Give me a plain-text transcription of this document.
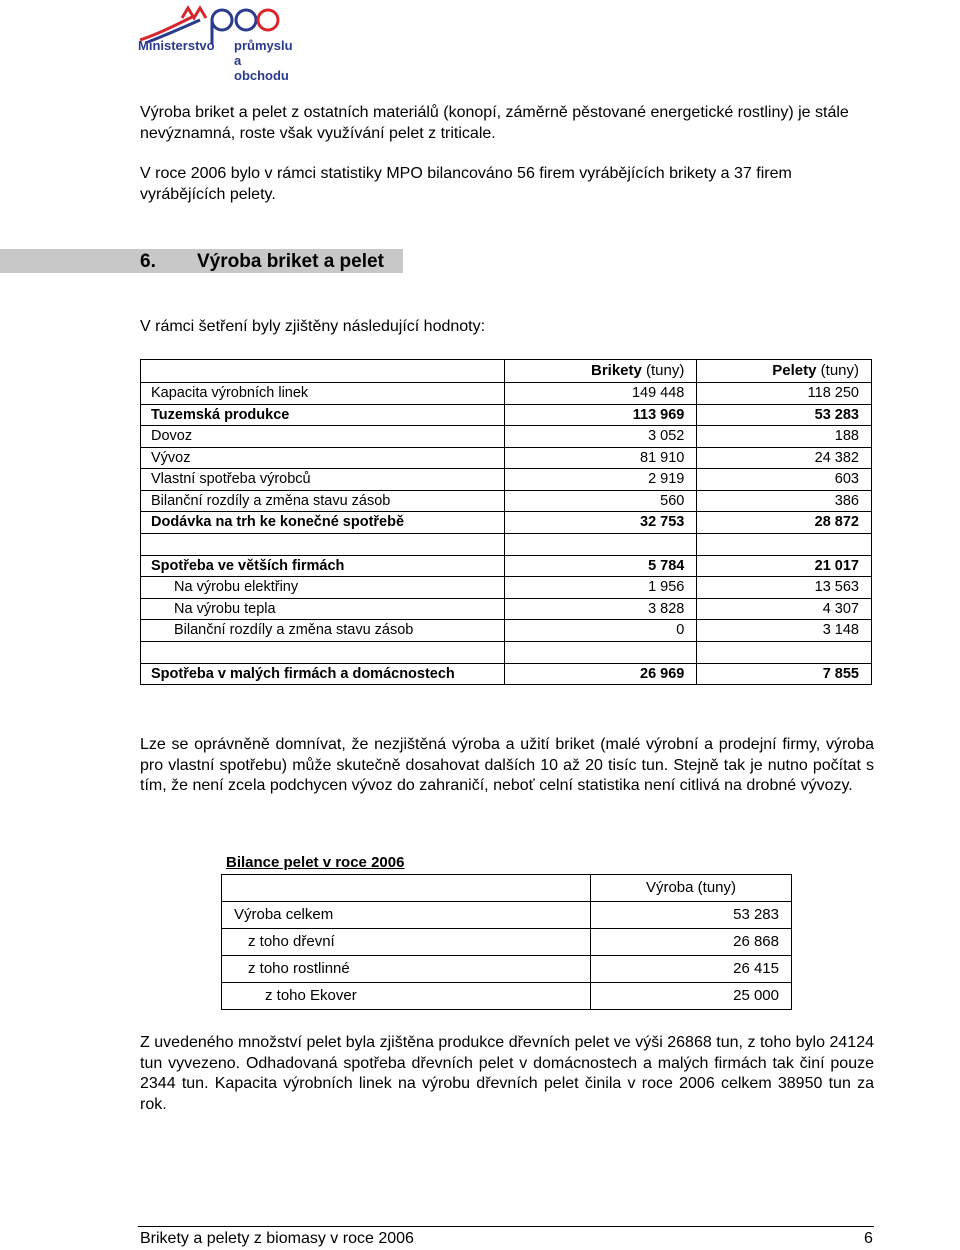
Ministerstvo průmyslu
a obchodu
Výroba briket a pelet z ostatních materiálů (konopí, záměrně pěstované energetické rostliny) je stále nevýznamná, roste však využívání pelet z triticale.
V roce 2006 bylo v rámci statistiky MPO bilancováno 56 firem vyrábějících brikety a 37 firem vyrábějících pelety.
6. Výroba briket a pelet
V rámci šetření byly zjištěny následující hodnoty:
	Brikety (tuny)	Pelety (tuny)
Kapacita výrobních linek	149 448	118 250
Tuzemská produkce	113 969	53 283
Dovoz	3 052	188
Vývoz	81 910	24 382
Vlastní spotřeba výrobců	2 919	603
Bilanční rozdíly a změna stavu zásob	560	386
Dodávka na trh ke konečné spotřebě	32 753	28 872

Spotřeba ve větších firmách	5 784	21 017
Na výrobu elektřiny	1 956	13 563
Na výrobu tepla	3 828	4 307
Bilanční rozdíly a změna stavu zásob	0	3 148

Spotřeba v malých firmách a domácnostech	26 969	7 855
Lze se oprávněně domnívat, že nezjištěná výroba a užití briket (malé výrobní a prodejní firmy, výroba pro vlastní spotřebu) může skutečně dosahovat dalších 10 až 20 tisíc tun. Stejně tak je nutno počítat s tím, že není zcela podchycen vývoz do zahraničí, neboť celní statistika není citlivá na drobné vývozy.
Bilance pelet v roce 2006
	Výroba (tuny)
Výroba celkem	53 283
z toho dřevní	26 868
z toho rostlinné	26 415
z toho Ekover	25 000
Z uvedeného množství pelet byla zjištěna produkce dřevních pelet ve výši 26868 tun, z toho bylo 24124 tun vyvezeno. Odhadovaná spotřeba dřevních pelet v domácnostech a malých firmách tak činí pouze 2344 tun. Kapacita výrobních linek na výrobu dřevních pelet činila v roce 2006 celkem 38950 tun za rok.
Brikety a pelety z biomasy v roce 2006	6
